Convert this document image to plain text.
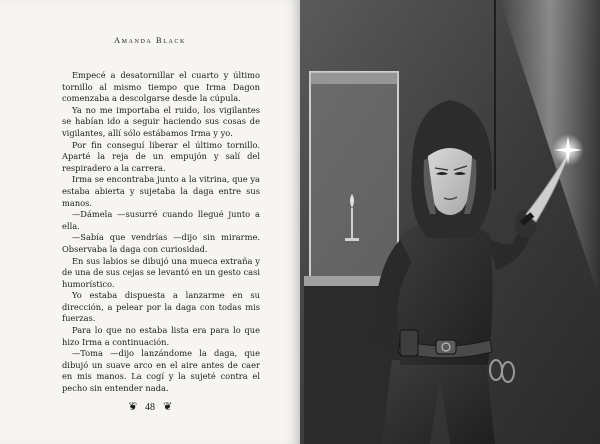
Amanda Black

Empecé a desatornillar el cuarto y último tornillo al mismo tiempo que Irma Dagon comenzaba a descolgarse desde la cúpula.

Ya no me importaba el ruido, los vigilantes se habían ido a seguir haciendo sus cosas de vigilantes, allí sólo estábamos Irma y yo.

Por fin conseguí liberar el último tornillo. Aparté la reja de un empujón y salí del respiradero a la carrera.

Irma se encontraba junto a la vitrina, que ya estaba abierta y sujetaba la daga entre sus manos.

—Dámela —susurré cuando llegué junto a ella.

—Sabía que vendrías —dijo sin mirarme. Observaba la daga con curiosidad.

En sus labios se dibujó una mueca extraña y de una de sus cejas se levantó en un gesto casi humorístico.

Yo estaba dispuesta a lanzarme en su dirección, a pelear por la daga con todas mis fuerzas.

Para lo que no estaba lista era para lo que hizo Irma a continuación.

—Toma —dijo lanzándome la daga, que dibujó un suave arco en el aire antes de caer en mis manos. La cogí y la sujeté contra el pecho sin entender nada.

❦ 48 ❦
